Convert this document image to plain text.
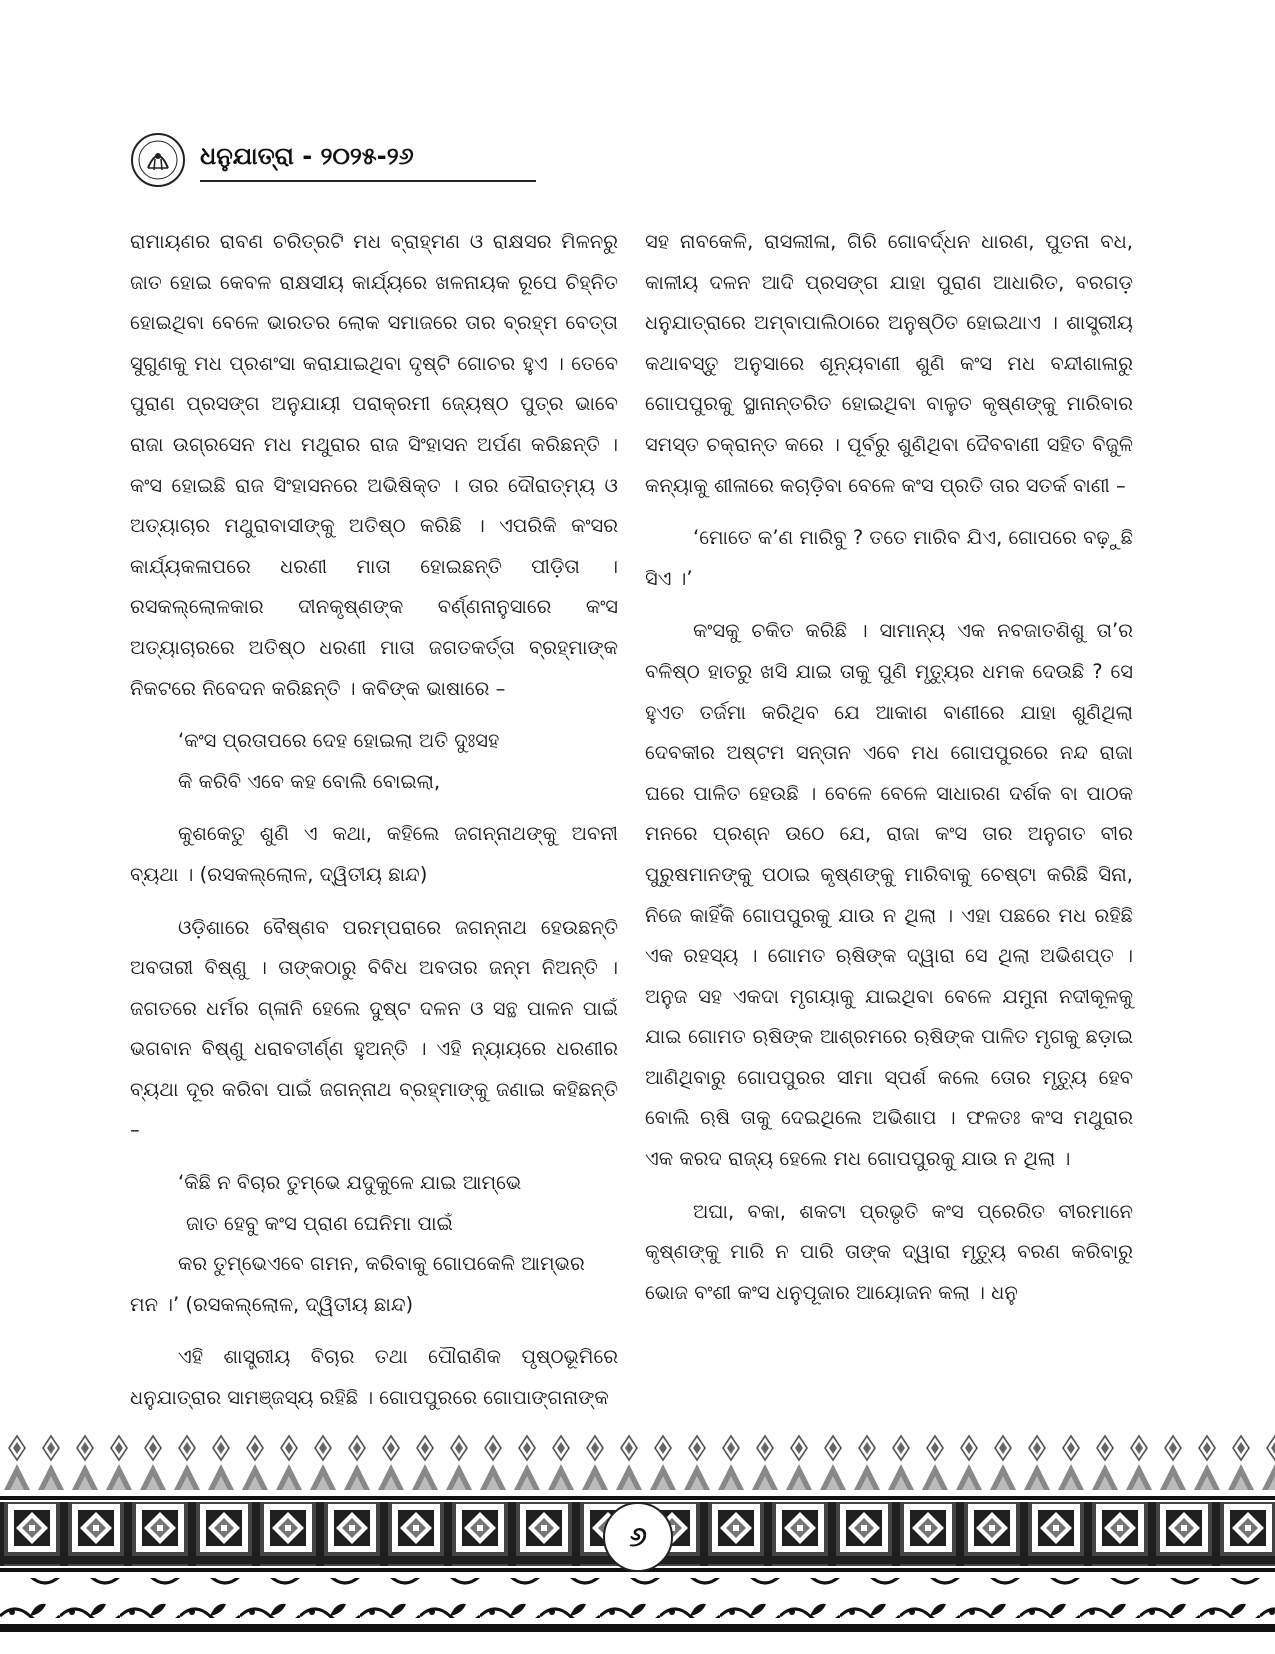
ଧନୁଯାତ୍ରା - ୨୦୨୫-୨୬

ରାମାୟଣର ରାବଣ ଚରିତ୍ରଟି ମଧ ବ୍ରାହ୍ମଣ ଓ ରାକ୍ଷସର ମିଳନରୁ ଜାତ ହୋଇ କେବଳ ରାକ୍ଷସୀୟ କାର୍ଯ୍ୟରେ ଖଳନାୟକ ରୂପେ ଚିହ୍ନିତ ହୋଇଥିବା ବେଳେ ଭାରତର ଲୋକ ସମାଜରେ ତାର ବ୍ରହ୍ମ ବେତ୍ତା ସୁଗୁଣକୁ ମଧ ପ୍ରଶଂସା କରାଯାଇଥିବା ଦୃଷ୍ଟି ଗୋଚର ହୁଏ । ତେବେ ପୁରାଣ ପ୍ରସଙ୍ଗ ଅନୁଯାୟୀ ପରାକ୍ରମୀ ଜ୍ୟେଷ୍ଠ ପୁତ୍ର ଭାବେ ରାଜା ଉଗ୍ରସେନ ମଧ ମଥୁରାର ରାଜ ସିଂହାସନ ଅର୍ପଣ କରିଛନ୍ତି । କଂସ ହୋଇଛି ରାଜ ସିଂହାସନରେ ଅଭିଷିକ୍ତ । ତାର ଦୌରାତ୍ମ୍ୟ ଓ ଅତ୍ୟାଚାର ମଥୁରାବାସୀଙ୍କୁ ଅତିଷ୍ଠ କରିଛି । ଏପରିକି କଂସର କାର୍ଯ୍ୟକଳାପରେ ଧରଣୀ ମାତା ହୋଇଛନ୍ତି ପୀଡ଼ିତା । ରସକଲ୍ଲୋଳକାର ଦୀନକୃଷ୍ଣଙ୍କ ବର୍ଣ୍ଣନାନୁସାରେ କଂସ ଅତ୍ୟାଚାରରେ ଅତିଷ୍ଠ ଧରଣୀ ମାତା ଜଗତକର୍ତ୍ତା ବ୍ରହ୍ମାଙ୍କ ନିକଟରେ ନିବେଦନ କରିଛନ୍ତି । କବିଙ୍କ ଭାଷାରେ –

‘କଂସ ପ୍ରତାପରେ ଦେହ ହୋଇଲା ଅତି ଦୁଃସହ

କି କରିବି ଏବେ କହ ବୋଲି ବୋଇଲା,

କୁଶକେତୁ ଶୁଣି ଏ କଥା, କହିଲେ ଜଗନ୍ନାଥଙ୍କୁ ଅବନୀ ବ୍ୟଥା । (ରସକଲ୍ଲୋଳ, ଦ୍ୱିତୀୟ ଛାନ୍ଦ)

ଓଡ଼ିଶାରେ ବୈଷ୍ଣବ ପରମ୍ପରାରେ ଜଗନ୍ନାଥ ହେଉଛନ୍ତି ଅବତାରୀ ବିଷ୍ଣୁ । ତାଙ୍କଠାରୁ ବିବିଧ ଅବତାର ଜନ୍ମ ନିଅନ୍ତି । ଜଗତରେ ଧର୍ମର ଗ୍ଳାନି ହେଲେ ଦୁଷ୍ଟ ଦଳନ ଓ ସନ୍ଥ ପାଳନ ପାଇଁ ଭଗବାନ ବିଷ୍ଣୁ ଧରାବତୀର୍ଣ୍ଣ ହୁଅନ୍ତି । ଏହି ନ୍ୟାୟରେ ଧରଣୀର ବ୍ୟଥା ଦୂର କରିବା ପାଇଁ ଜଗନ୍ନାଥ ବ୍ରହ୍ମାଙ୍କୁ ଜଣାଇ କହିଛନ୍ତି –

‘କିଛି ନ ବିଚାର ତୁମ୍ଭେ ଯଦୁକୁଳେ ଯାଇ ଆମ୍ଭେ

ଜାତ ହେବୁ କଂସ ପ୍ରାଣ ଘେନିମା ପାଇଁ

କର ତୁମ୍ଭେଏବେ ଗମନ, କରିବାକୁ ଗୋପକେଳି ଆମ୍ଭର

ମନ ।’ (ରସକଲ୍ଲୋଳ, ଦ୍ୱିତୀୟ ଛାନ୍ଦ)

ଏହି ଶାସ୍ତ୍ରୀୟ ବିଚାର ତଥା ପୌରାଣିକ ପୃଷ୍ଠଭୂମିରେ ଧନୁଯାତ୍ରାର ସାମଞ୍ଜସ୍ୟ ରହିଛି । ଗୋପପୁରରେ ଗୋପାଙ୍ଗନାଙ୍କ

ସହ ନାବକେଳି, ରାସଲୀଳା, ଗିରି ଗୋବର୍ଦ୍ଧନ ଧାରଣ, ପୁତନା ବଧ, କାଳୀୟ ଦଳନ ଆଦି ପ୍ରସଙ୍ଗ ଯାହା ପୁରାଣ ଆଧାରିତ, ବରଗଡ଼ ଧନୁଯାତ୍ରାରେ ଅମ୍ବାପାଲିଠାରେ ଅନୁଷ୍ଠିତ ହୋଇଥାଏ । ଶାସ୍ତ୍ରୀୟ କଥାବସ୍ତୁ ଅନୁସାରେ ଶୂନ୍ୟବାଣୀ ଶୁଣି କଂସ ମଧ ବନ୍ଦୀଶାଳାରୁ ଗୋପପୁରକୁ ସ୍ଥାନାନ୍ତରିତ ହୋଇଥିବା ବାଳୁତ କୃଷ୍ଣଙ୍କୁ ମାରିବାର ସମସ୍ତ ଚକ୍ରାନ୍ତ କରେ । ପୂର୍ବରୁ ଶୁଣିଥିବା ଦୈବବାଣୀ ସହିତ ବିଜୁଳି କନ୍ୟାକୁ ଶୀଳାରେ କଚାଡ଼ିବା ବେଳେ କଂସ ପ୍ରତି ତାର ସତର୍କ ବାଣୀ –

‘ମୋତେ କ’ଣ ମାରିବୁ ? ତତେ ମାରିବ ଯିଏ, ଗୋପରେ ବଢ଼ୁଛି ସିଏ ।’

କଂସକୁ ଚକିତ କରିଛି । ସାମାନ୍ୟ ଏକ ନବଜାତଶିଶୁ ତା’ର ବଳିଷ୍ଠ ହାତରୁ ଖସି ଯାଇ ତାକୁ ପୁଣି ମୃତ୍ୟୁର ଧମକ ଦେଉଛି ? ସେ ହୁଏତ ତର୍ଜମା କରିଥିବ ଯେ ଆକାଶ ବାଣୀରେ ଯାହା ଶୁଣିଥିଲା ଦେବକୀର ଅଷ୍ଟମ ସନ୍ତାନ ଏବେ ମଧ ଗୋପପୁରରେ ନନ୍ଦ ରାଜା ଘରେ ପାଳିତ ହେଉଛି । ବେଳେ ବେଳେ ସାଧାରଣ ଦର୍ଶକ ବା ପାଠକ ମନରେ ପ୍ରଶ୍ନ ଉଠେ ଯେ, ରାଜା କଂସ ତାର ଅନୁଗତ ବୀର ପୁରୁଷମାନଙ୍କୁ ପଠାଇ କୃଷ୍ଣଙ୍କୁ ମାରିବାକୁ ଚେଷ୍ଟା କରିଛି ସିନା, ନିଜେ କାହିଁକି ଗୋପପୁରକୁ ଯାଉ ନ ଥିଲା । ଏହା ପଛରେ ମଧ ରହିଛି ଏକ ରହସ୍ୟ । ଗୋମତ ଋଷିଙ୍କ ଦ୍ୱାରା ସେ ଥିଲା ଅଭିଶପ୍ତ । ଅନୁଜ ସହ ଏକଦା ମୃଗୟାକୁ ଯାଇଥିବା ବେଳେ ଯମୁନା ନଦୀକୂଳକୁ ଯାଇ ଗୋମତ ଋଷିଙ୍କ ଆଶ୍ରମରେ ଋଷିଙ୍କ ପାଳିତ ମୃଗକୁ ଛଡ଼ାଇ ଆଣିଥିବାରୁ ଗୋପପୁରର ସୀମା ସ୍ପର୍ଶ କଲେ ତୋର ମୃତ୍ୟୁ ହେବ ବୋଲି ଋଷି ତାକୁ ଦେଇଥିଲେ ଅଭିଶାପ । ଫଳତଃ କଂସ ମଥୁରାର ଏକ କରଦ ରାଜ୍ୟ ହେଲେ ମଧ ଗୋପପୁରକୁ ଯାଉ ନ ଥିଲା ।

ଅଘା, ବକା, ଶକଟା ପ୍ରଭୃତି କଂସ ପ୍ରେରିତ ବୀରମାନେ କୃଷ୍ଣଙ୍କୁ ମାରି ନ ପାରି ତାଙ୍କ ଦ୍ୱାରା ମୃତ୍ୟୁ ବରଣ କରିବାରୁ ଭୋଜ ବଂଶୀ କଂସ ଧନୁପୂଜାର ଆୟୋଜନ କଲା । ଧନୁ

୬
